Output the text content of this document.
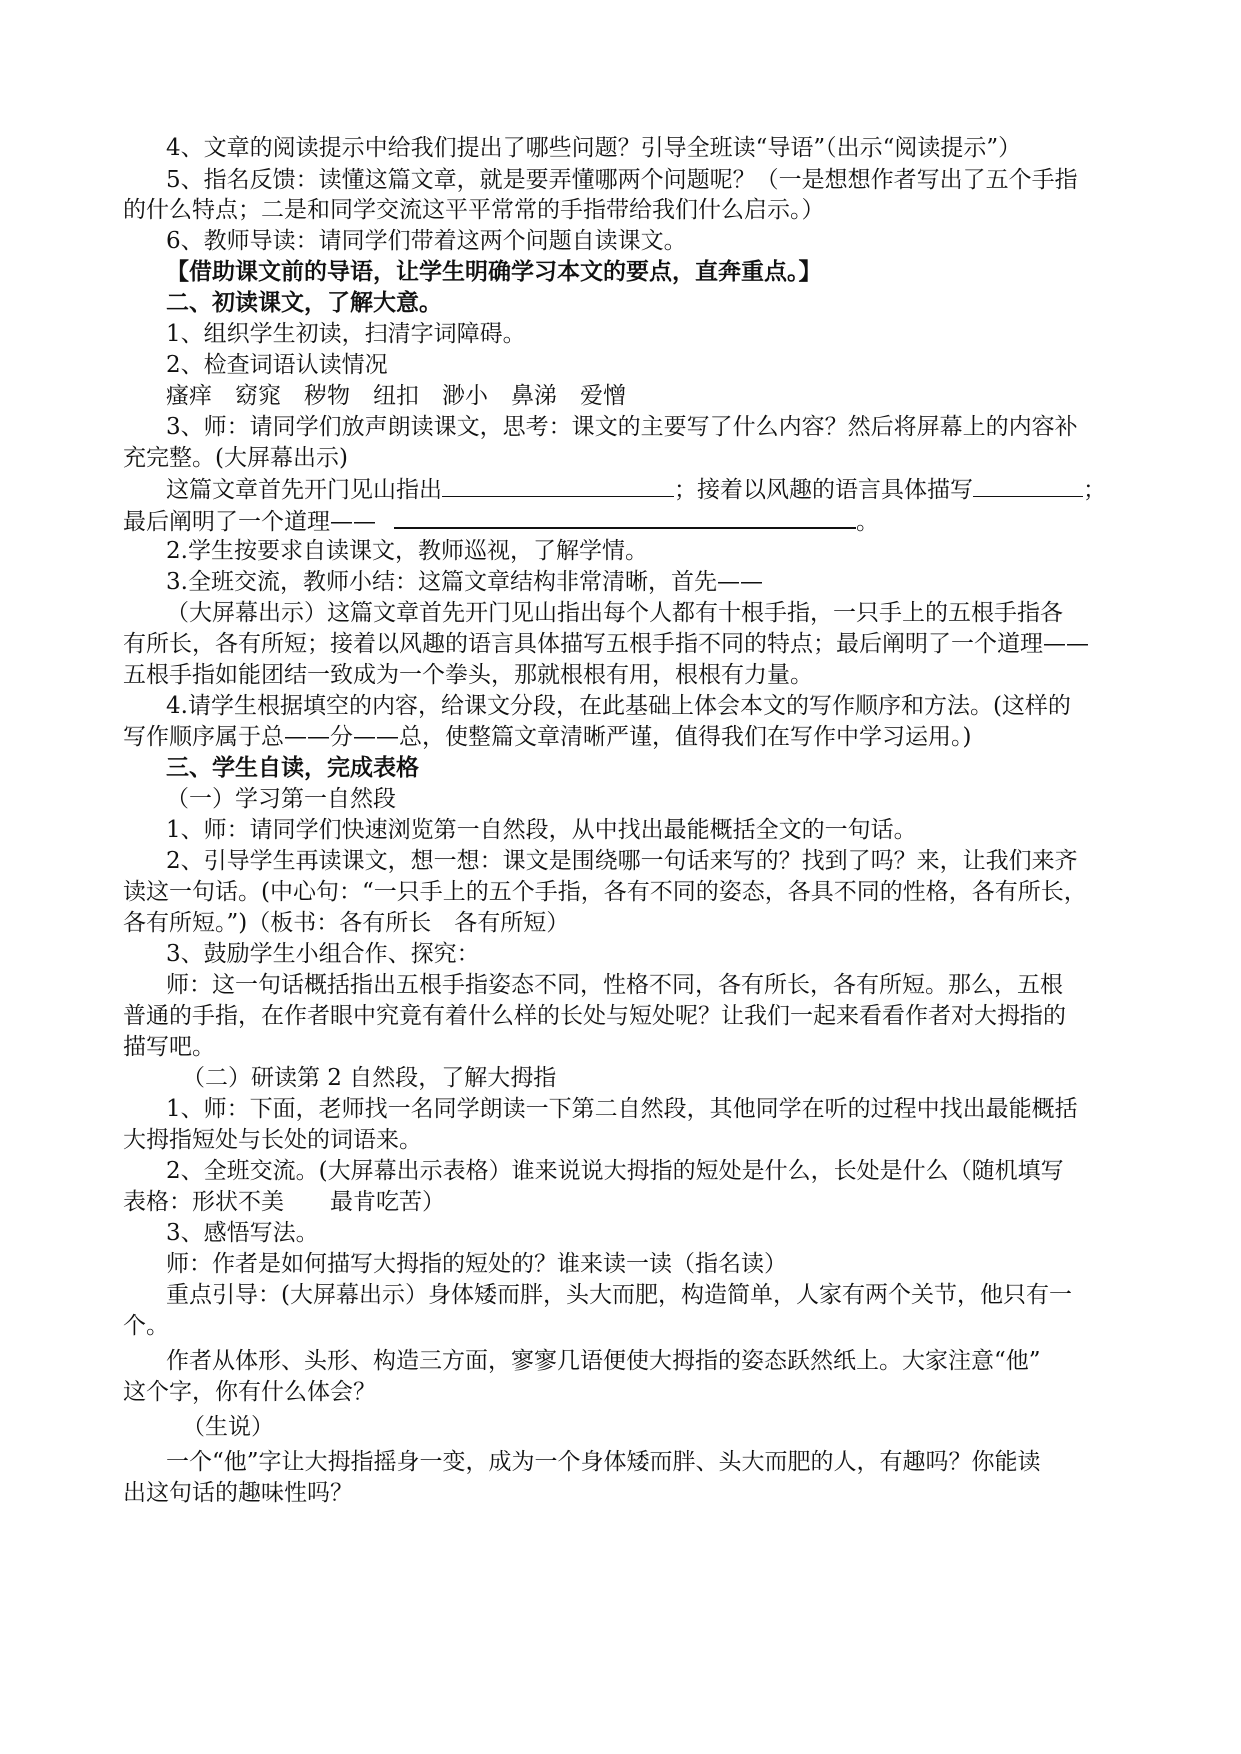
4、文章的阅读提示中给我们提出了哪些问题？引导全班读“导语”（出示“阅读提示”）
5、指名反馈：读懂这篇文章，就是要弄懂哪两个问题呢？（一是想想作者写出了五个手指
的什么特点；二是和同学交流这平平常常的手指带给我们什么启示。）
6、教师导读：请同学们带着这两个问题自读课文。
【借助课文前的导语，让学生明确学习本文的要点，直奔重点。】
二、初读课文，了解大意。
1、组织学生初读，扫清字词障碍。
2、检查词语认读情况
瘙痒　窈窕　秽物　纽扣　渺小　鼻涕　爱憎
3、师：请同学们放声朗读课文，思考：课文的主要写了什么内容？然后将屏幕上的内容补
充完整。(大屏幕出示)
这篇文章首先开门见山指出	；接着以风趣的语言具体描写	；
最后阐明了一个道理——	。
2.学生按要求自读课文，教师巡视，了解学情。
3.全班交流，教师小结：这篇文章结构非常清晰，首先——
（大屏幕出示）这篇文章首先开门见山指出每个人都有十根手指，一只手上的五根手指各
有所长，各有所短；接着以风趣的语言具体描写五根手指不同的特点；最后阐明了一个道理——
五根手指如能团结一致成为一个拳头，那就根根有用，根根有力量。
4.请学生根据填空的内容，给课文分段，在此基础上体会本文的写作顺序和方法。(这样的
写作顺序属于总——分——总，使整篇文章清晰严谨，值得我们在写作中学习运用。)
三、学生自读，完成表格
（一）学习第一自然段
1、师：请同学们快速浏览第一自然段，从中找出最能概括全文的一句话。
2、引导学生再读课文，想一想：课文是围绕哪一句话来写的？找到了吗？来，让我们来齐
读这一句话。(中心句：“一只手上的五个手指，各有不同的姿态，各具不同的性格，各有所长，
各有所短。”)（板书：各有所长　各有所短）
3、鼓励学生小组合作、探究：
师：这一句话概括指出五根手指姿态不同，性格不同，各有所长，各有所短。那么，五根
普通的手指，在作者眼中究竟有着什么样的长处与短处呢？让我们一起来看看作者对大拇指的
描写吧。
（二）研读第 2 自然段，了解大拇指
1、师：下面，老师找一名同学朗读一下第二自然段，其他同学在听的过程中找出最能概括
大拇指短处与长处的词语来。
2、全班交流。(大屏幕出示表格）谁来说说大拇指的短处是什么，长处是什么（随机填写
表格：形状不美　　最肯吃苦）
3、感悟写法。
师：作者是如何描写大拇指的短处的？谁来读一读（指名读）
重点引导：(大屏幕出示）身体矮而胖，头大而肥，构造简单，人家有两个关节，他只有一
个。
作者从体形、头形、构造三方面，寥寥几语便使大拇指的姿态跃然纸上。大家注意“他”
这个字，你有什么体会？
（生说）
一个“他”字让大拇指摇身一变，成为一个身体矮而胖、头大而肥的人，有趣吗？你能读
出这句话的趣味性吗？
